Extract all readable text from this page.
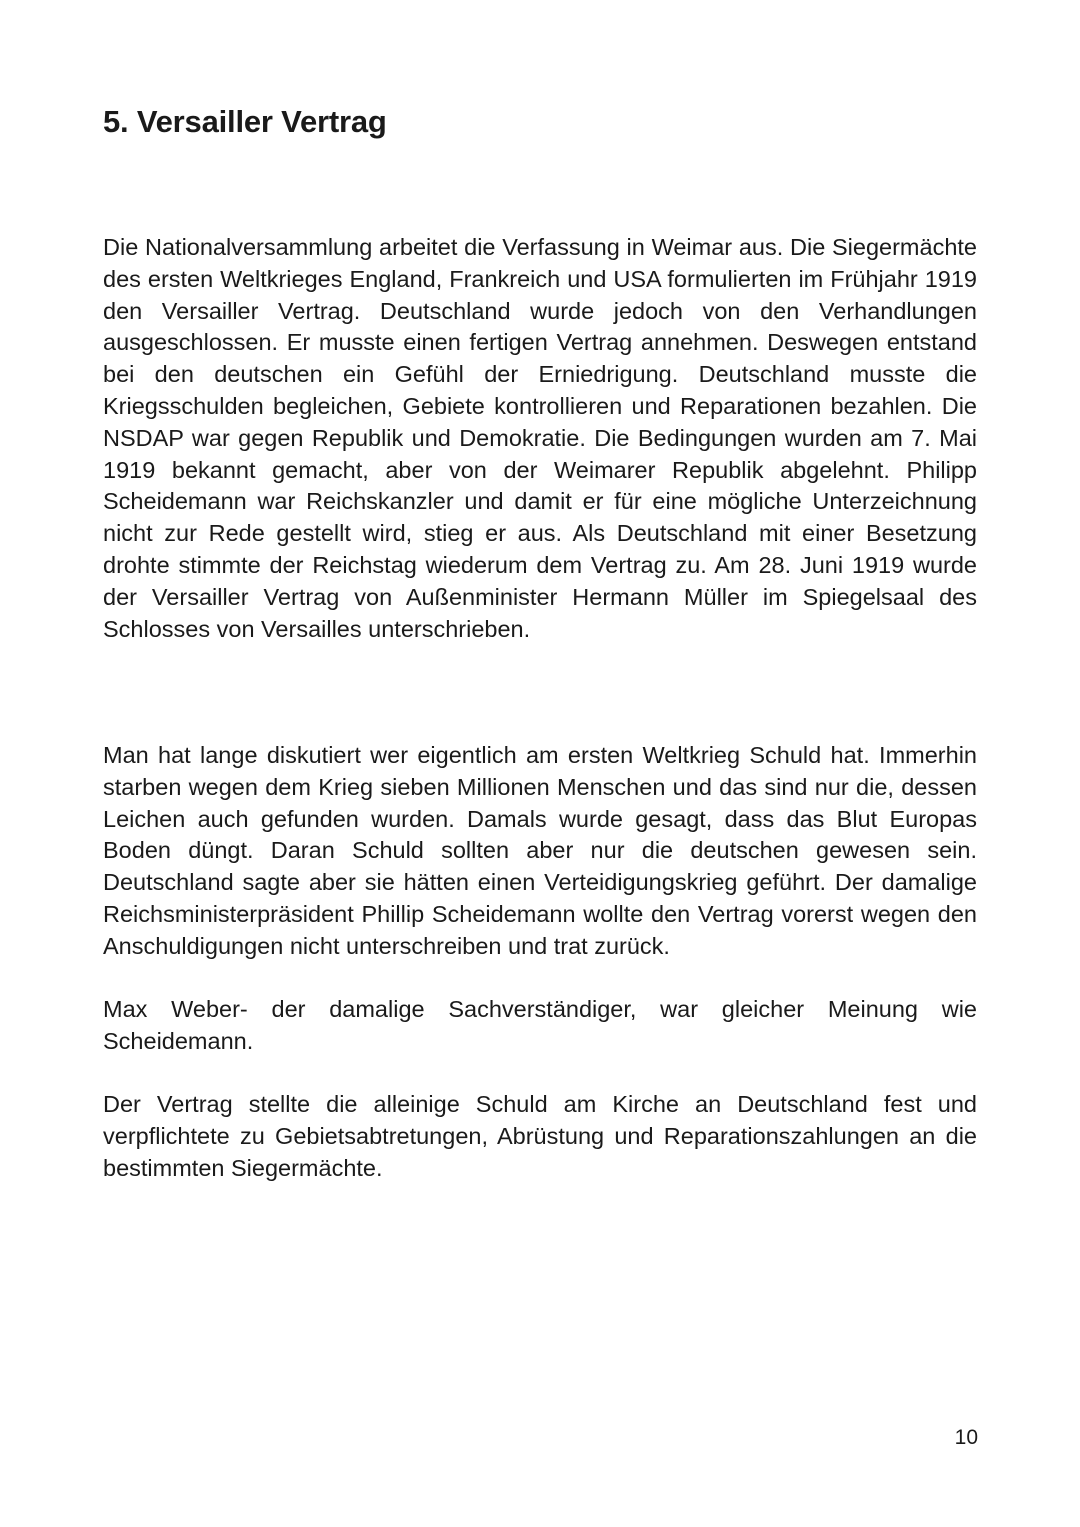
5. Versailler Vertrag

Die Nationalversammlung arbeitet die Verfassung in Weimar aus. Die Siegermächte des ersten Weltkrieges England, Frankreich und USA formulierten im Frühjahr 1919 den Versailler Vertrag. Deutschland wurde jedoch von den Verhandlungen ausgeschlossen. Er musste einen fertigen Vertrag annehmen. Deswegen entstand bei den deutschen ein Gefühl der Erniedrigung. Deutschland musste die Kriegsschulden begleichen, Gebiete kontrollieren und Reparationen bezahlen. Die NSDAP war gegen Republik und Demokratie. Die Bedingungen wurden am 7. Mai 1919 bekannt gemacht, aber von der Weimarer Republik abgelehnt. Philipp Scheidemann war Reichskanzler und damit er für eine mögliche Unterzeichnung nicht zur Rede gestellt wird, stieg er aus. Als Deutschland mit einer Besetzung drohte stimmte der Reichstag wiederum dem Vertrag zu. Am 28. Juni 1919 wurde der Versailler Vertrag von Außenminister Hermann Müller im Spiegelsaal des Schlosses von Versailles unterschrieben.

Man hat lange diskutiert wer eigentlich am ersten Weltkrieg Schuld hat. Immerhin starben wegen dem Krieg sieben Millionen Menschen und das sind nur die, dessen Leichen auch gefunden wurden. Damals wurde gesagt, dass das Blut Europas Boden düngt. Daran Schuld sollten aber nur die deutschen gewesen sein. Deutschland sagte aber sie hätten einen Verteidigungskrieg geführt. Der damalige Reichsministerpräsident Phillip Scheidemann wollte den Vertrag vorerst wegen den Anschuldigungen nicht unterschreiben und trat zurück.

Max Weber- der damalige Sachverständiger, war gleicher Meinung wie Scheidemann.

Der Vertrag stellte die alleinige Schuld am Kirche an Deutschland fest und verpflichtete zu Gebietsabtretungen, Abrüstung und Reparationszahlungen an die bestimmten Siegermächte.

10
